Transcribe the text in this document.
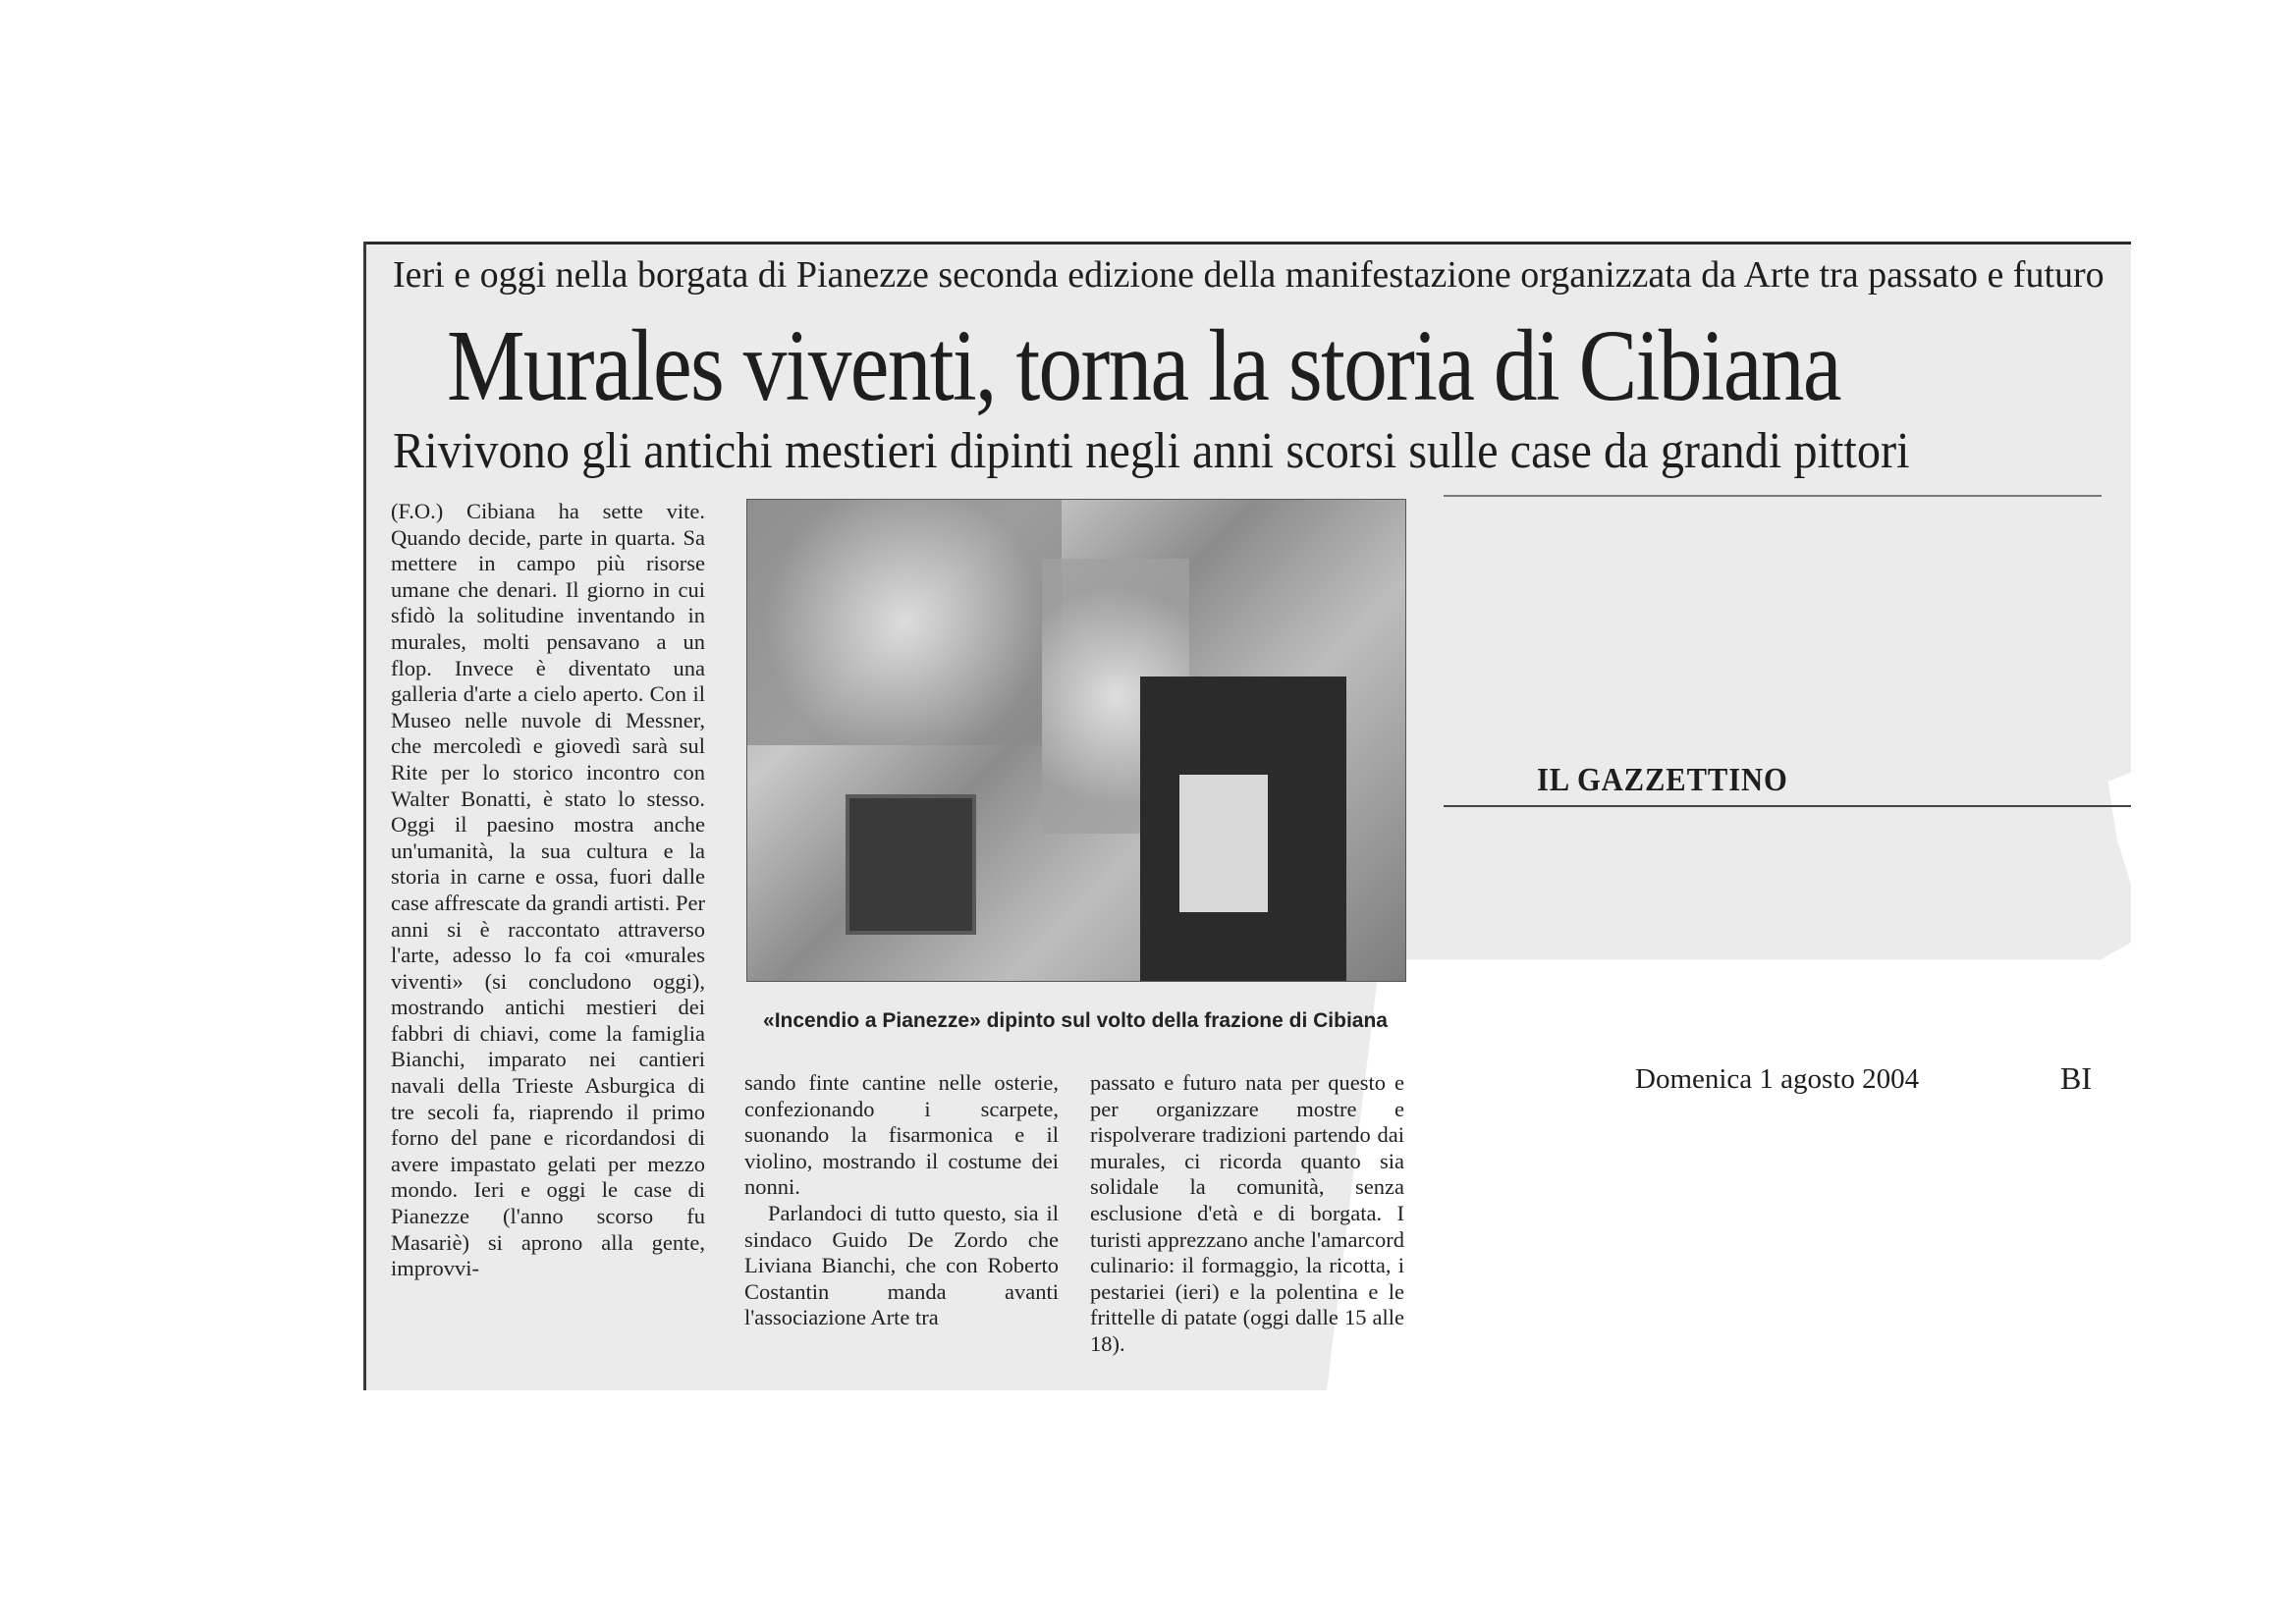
Ieri e oggi nella borgata di Pianezze seconda edizione della manifestazione organizzata da Arte tra passato e futuro
Murales viventi, torna la storia di Cibiana
Rivivono gli antichi mestieri dipinti negli anni scorsi sulle case da grandi pittori

(F.O.) Cibiana ha sette vite. Quando decide, parte in quarta. Sa mettere in campo più risorse umane che denari. Il giorno in cui sfidò la solitudine inventando in murales, molti pensavano a un flop. Invece è diventato una galleria d'arte a cielo aperto. Con il Museo nelle nuvole di Messner, che mercoledì e giovedì sarà sul Rite per lo storico incontro con Walter Bonatti, è stato lo stesso. Oggi il paesino mostra anche un'umanità, la sua cultura e la storia in carne e ossa, fuori dalle case affrescate da grandi artisti. Per anni si è raccontato attraverso l'arte, adesso lo fa coi «murales viventi» (si concludono oggi), mostrando antichi mestieri dei fabbri di chiavi, come la famiglia Bianchi, imparato nei cantieri navali della Trieste Asburgica di tre secoli fa, riaprendo il primo forno del pane e ricordandosi di avere impastato gelati per mezzo mondo. Ieri e oggi le case di Pianezze (l'anno scorso fu Masariè) si aprono alla gente, improvvi-

«Incendio a Pianezze» dipinto sul volto della frazione di Cibiana

sando finte cantine nelle osterie, confezionando i scarpete, suonando la fisarmonica e il violino, mostrando il costume dei nonni.

Parlandoci di tutto questo, sia il sindaco Guido De Zordo che Liviana Bianchi, che con Roberto Costantin manda avanti l'associazione Arte tra

passato e futuro nata per questo e per organizzare mostre e rispolverare tradizioni partendo dai murales, ci ricorda quanto sia solidale la comunità, senza esclusione d'età e di borgata. I turisti apprezzano anche l'amarcord culinario: il formaggio, la ricotta, i pestariei (ieri) e la polentina e le frittelle di patate (oggi dalle 15 alle 18).

IL GAZZETTINO
Domenica 1 agosto 2004	BI
